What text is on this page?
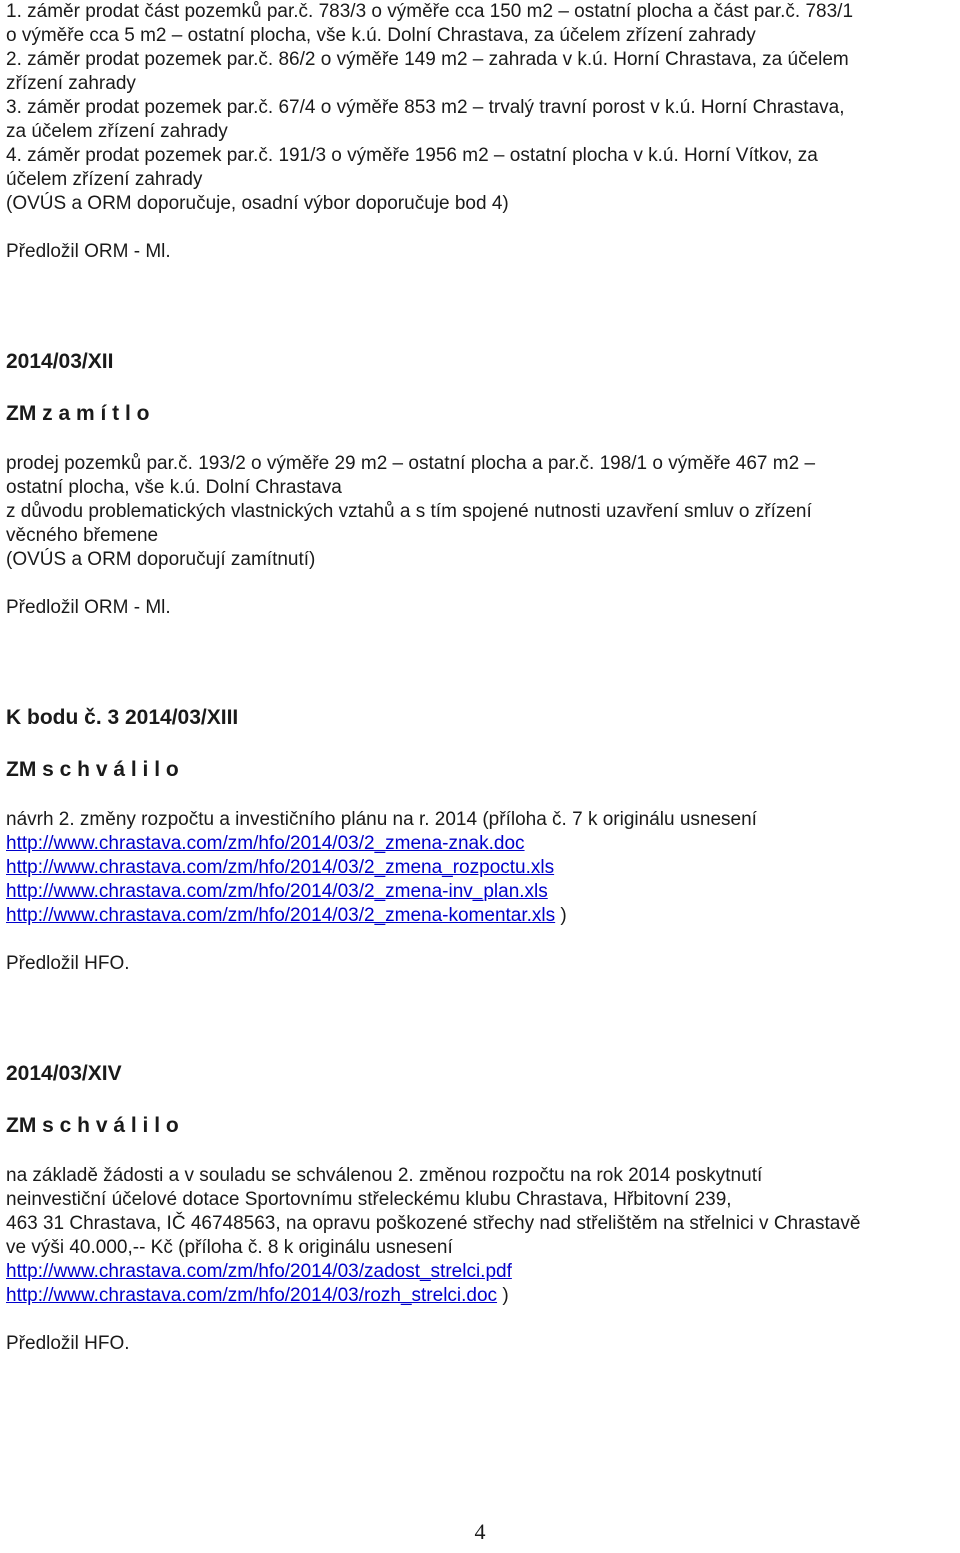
1. záměr prodat část pozemků par.č. 783/3 o výměře cca 150 m2 – ostatní plocha a část par.č. 783/1
o výměře cca 5 m2 – ostatní plocha, vše k.ú. Dolní Chrastava, za účelem zřízení zahrady
2. záměr prodat pozemek par.č. 86/2 o výměře 149 m2 – zahrada v k.ú. Horní Chrastava, za účelem
zřízení zahrady
3. záměr prodat pozemek par.č. 67/4 o výměře 853 m2 – trvalý travní porost v k.ú. Horní Chrastava,
za účelem zřízení zahrady
4. záměr prodat pozemek par.č. 191/3 o výměře 1956 m2 – ostatní plocha v k.ú. Horní Vítkov, za
účelem zřízení zahrady
(OVÚS a ORM doporučuje, osadní výbor doporučuje bod 4)
Předložil ORM - Ml.
2014/03/XII
ZM z a m í t l o
prodej pozemků par.č. 193/2 o výměře 29 m2 – ostatní plocha a par.č. 198/1 o výměře 467 m2 –
ostatní plocha, vše k.ú. Dolní Chrastava
z důvodu problematických vlastnických vztahů a s tím spojené nutnosti uzavření smluv o zřízení
věcného břemene
(OVÚS a ORM doporučují zamítnutí)
Předložil ORM - Ml.
K bodu č. 3 2014/03/XIII
ZM s c h v á l i l o
návrh 2. změny rozpočtu a investičního plánu na r. 2014 (příloha č. 7 k originálu usnesení
http://www.chrastava.com/zm/hfo/2014/03/2_zmena-znak.doc
http://www.chrastava.com/zm/hfo/2014/03/2_zmena_rozpoctu.xls
http://www.chrastava.com/zm/hfo/2014/03/2_zmena-inv_plan.xls
http://www.chrastava.com/zm/hfo/2014/03/2_zmena-komentar.xls )
Předložil HFO.
2014/03/XIV
ZM s c h v á l i l o
na základě žádosti a v souladu se schválenou 2. změnou rozpočtu na rok 2014 poskytnutí
neinvestiční účelové dotace Sportovnímu střeleckému klubu Chrastava, Hřbitovní 239,
463 31 Chrastava, IČ 46748563, na opravu poškozené střechy nad střelištěm na střelnici v Chrastavě
ve výši 40.000,-- Kč (příloha č. 8 k originálu usnesení
http://www.chrastava.com/zm/hfo/2014/03/zadost_strelci.pdf
http://www.chrastava.com/zm/hfo/2014/03/rozh_strelci.doc )
Předložil HFO.
4
